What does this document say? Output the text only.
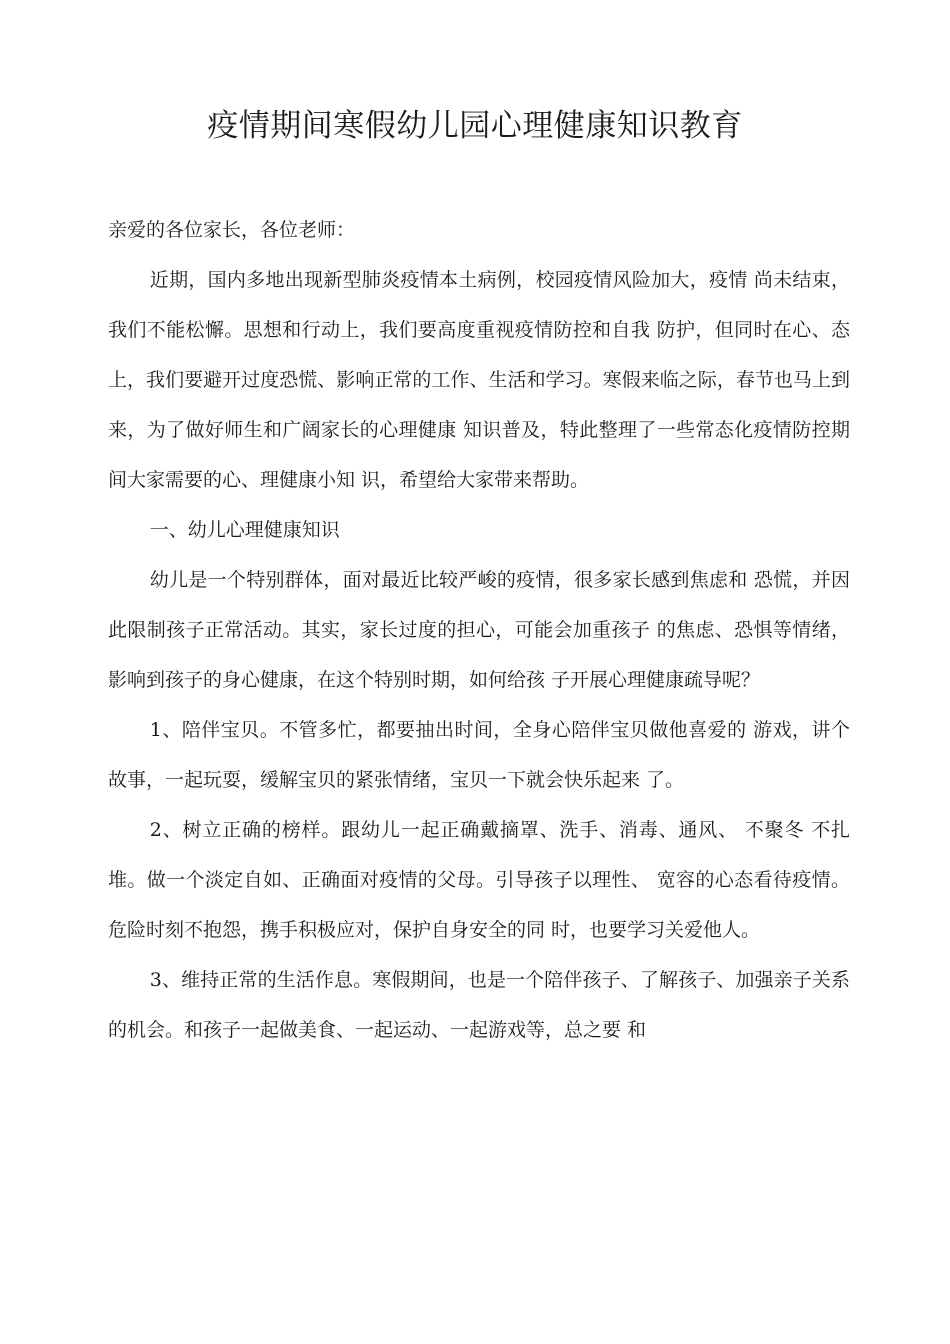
疫情期间寒假幼儿园心理健康知识教育

亲爱的各位家长，各位老师：

近期，国内多地出现新型肺炎疫情本土病例，校园疫情风险加大，疫情 尚未结束，我们不能松懈。思想和行动上，我们要高度重视疫情防控和自我 防护，但同时在心、态上，我们要避开过度恐慌、影响正常的工作、生活和学习。寒假来临之际，春节也马上到来，为了做好师生和广阔家长的心理健康 知识普及，特此整理了一些常态化疫情防控期间大家需要的心、理健康小知 识，希望给大家带来帮助。

一、幼儿心理健康知识

幼儿是一个特别群体，面对最近比较严峻的疫情，很多家长感到焦虑和 恐慌，并因此限制孩子正常活动。其实，家长过度的担心，可能会加重孩子 的焦虑、恐惧等情绪，影响到孩子的身心健康，在这个特别时期，如何给孩 子开展心理健康疏导呢？

1、陪伴宝贝。不管多忙，都要抽出时间，全身心陪伴宝贝做他喜爱的 游戏，讲个故事，一起玩耍，缓解宝贝的紧张情绪，宝贝一下就会快乐起来 了。

2、树立正确的榜样。跟幼儿一起正确戴摘罩、洗手、消毒、通风、 不聚冬 不扎堆。做一个淡定自如、正确面对疫情的父母。引导孩子以理性、 宽容的心态看待疫情。危险时刻不抱怨，携手积极应对，保护自身安全的同 时，也要学习关爱他人。

3、维持正常的生活作息。寒假期间，也是一个陪伴孩子、了解孩子、加强亲子关系的机会。和孩子一起做美食、一起运动、一起游戏等，总之要 和
